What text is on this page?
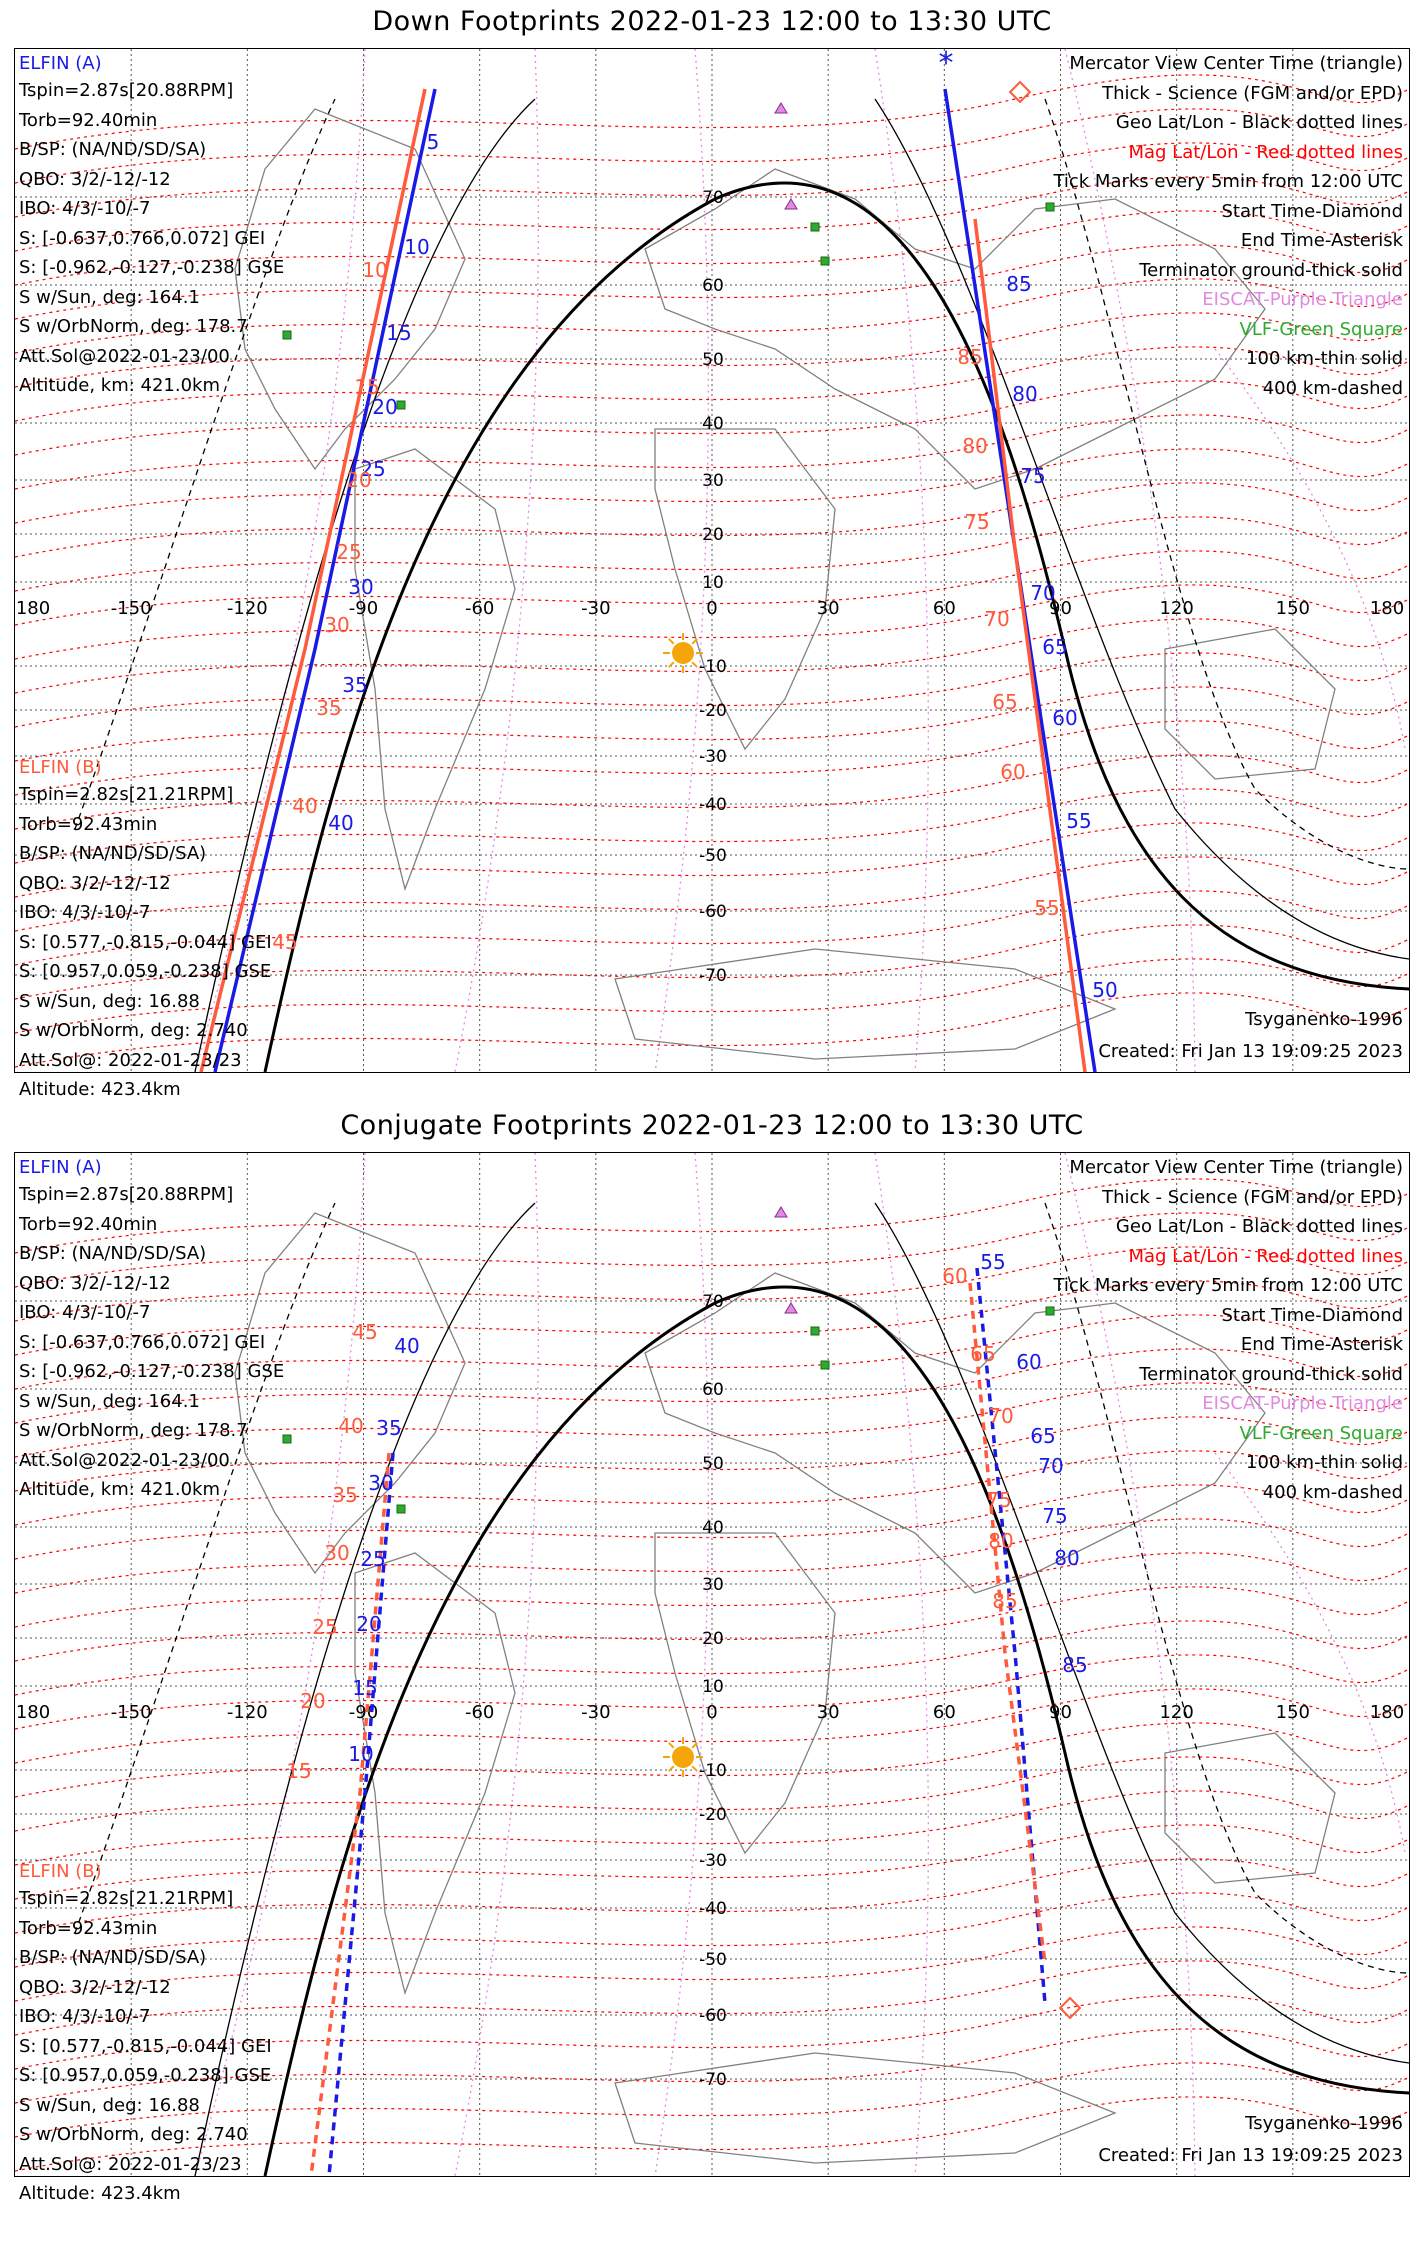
Down Footprints 2022-01-23 12:00 to 13:30 UTC
180	-150	-120	-90	-60	-30	0	30	60	90	120	150	180
70
60
50
40
30
20
10
-10
-20
-30
-40
-50
-60
-70
*
5
10
15
20
25
30
35
40
10
15
20
25
30
35
40
45
85
80
75
70
65
60
55
50
85
80
75
70
65
60
55
ELFIN (A)
Tspin=2.87s[20.88RPM]
Torb=92.40min
B/SP: (NA/ND/SD/SA)
QBO: 3/2/-12/-12
IBO: 4/3/-10/-7
S: [-0.637,0.766,0.072] GEI
S: [-0.962,-0.127,-0.238] GSE
S w/Sun, deg: 164.1
S w/OrbNorm, deg: 178.7
Att.Sol@2022-01-23/00
Altitude, km: 421.0km
ELFIN (B)
Tspin=2.82s[21.21RPM]
Torb=92.43min
B/SP: (NA/ND/SD/SA)
QBO: 3/2/-12/-12
IBO: 4/3/-10/-7
S: [0.577,-0.815,-0.044] GEI
S: [0.957,0.059,-0.238] GSE
S w/Sun, deg: 16.88
S w/OrbNorm, deg: 2.740
Att.Sol@: 2022-01-23/23
Altitude: 423.4km
Mercator View Center Time (triangle)
Thick - Science (FGM and/or EPD)
Geo Lat/Lon - Black dotted lines
Mag Lat/Lon - Red dotted lines
Tick Marks every 5min from 12:00 UTC
Start Time-Diamond
End Time-Asterisk
Terminator ground-thick solid
EISCAT-Purple Triangle
VLF-Green Square
100 km-thin solid
400 km-dashed
Tsyganenko-1996
Created: Fri Jan 13 19:09:25 2023
Conjugate Footprints 2022-01-23 12:00 to 13:30 UTC
180	-150	-120	-90	-60	-30	0	30	60	90	120	150	180
70
60
50
40
30
20
10
-10
-20
-30
-40
-50
-60
-70
40
35
30
25
20
15
10
45
40
35
30
25
20
15
55
60
65
70
75
80
85
60
65
70
75
80
85
ELFIN (A)
Tspin=2.87s[20.88RPM]
Torb=92.40min
B/SP: (NA/ND/SD/SA)
QBO: 3/2/-12/-12
IBO: 4/3/-10/-7
S: [-0.637,0.766,0.072] GEI
S: [-0.962,-0.127,-0.238] GSE
S w/Sun, deg: 164.1
S w/OrbNorm, deg: 178.7
Att.Sol@2022-01-23/00
Altitude, km: 421.0km
ELFIN (B)
Tspin=2.82s[21.21RPM]
Torb=92.43min
B/SP: (NA/ND/SD/SA)
QBO: 3/2/-12/-12
IBO: 4/3/-10/-7
S: [0.577,-0.815,-0.044] GEI
S: [0.957,0.059,-0.238] GSE
S w/Sun, deg: 16.88
S w/OrbNorm, deg: 2.740
Att.Sol@: 2022-01-23/23
Altitude: 423.4km
Mercator View Center Time (triangle)
Thick - Science (FGM and/or EPD)
Geo Lat/Lon - Black dotted lines
Mag Lat/Lon - Red dotted lines
Tick Marks every 5min from 12:00 UTC
Start Time-Diamond
End Time-Asterisk
Terminator ground-thick solid
EISCAT-Purple Triangle
VLF-Green Square
100 km-thin solid
400 km-dashed
Tsyganenko-1996
Created: Fri Jan 13 19:09:25 2023
